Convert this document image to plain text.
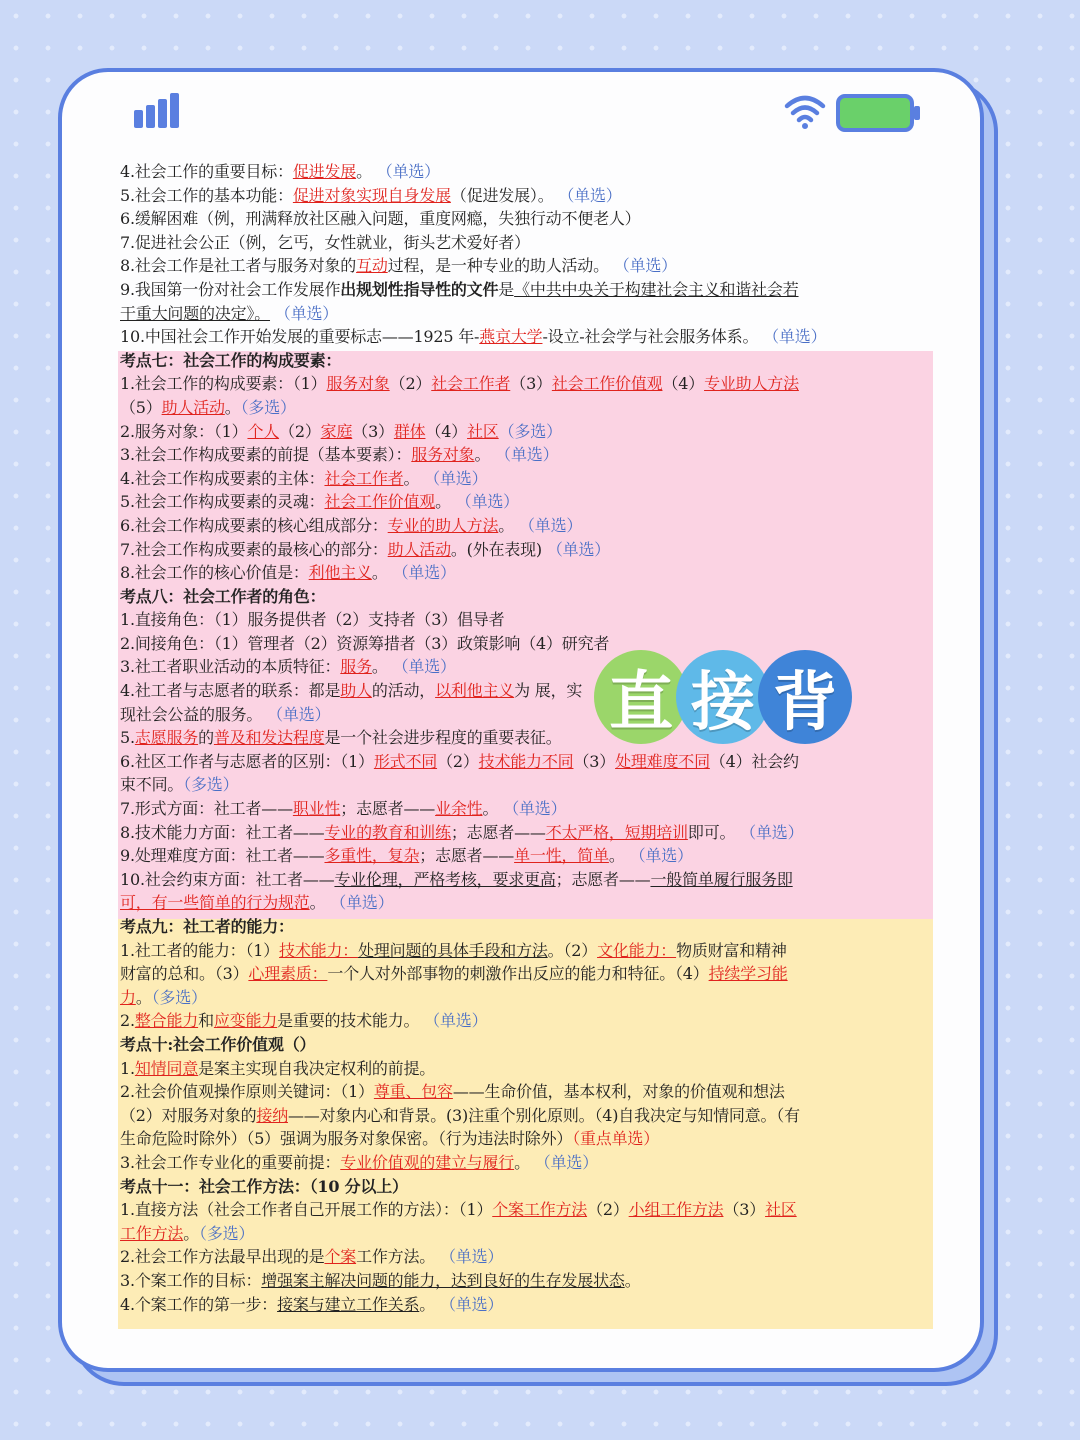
4.社会工作的重要目标：促进发展。 （单选）
5.社会工作的基本功能：促进对象实现自身发展（促进发展）。 （单选）
6.缓解困难（例，刑满释放社区融入问题，重度网瘾，失独行动不便老人）
7.促进社会公正（例，乞丐，女性就业，街头艺术爱好者）
8.社会工作是社工者与服务对象的互动过程，是一种专业的助人活动。 （单选）
9.我国第一份对社会工作发展作出规划性指导性的文件是《中共中央关于构建社会主义和谐社会若
干重大问题的决定》。 （单选）
10.中国社会工作开始发展的重要标志——1925 年-燕京大学-设立-社会学与社会服务体系。 （单选）
考点七：社会工作的构成要素：
1.社会工作的构成要素：（1）服务对象（2）社会工作者（3）社会工作价值观（4）专业助人方法
（5）助人活动。（多选）
2.服务对象：（1）个人（2）家庭（3）群体（4）社区（多选）
3.社会工作构成要素的前提（基本要素）：服务对象。 （单选）
4.社会工作构成要素的主体：社会工作者。 （单选）
5.社会工作构成要素的灵魂：社会工作价值观。 （单选）
6.社会工作构成要素的核心组成部分：专业的助人方法。 （单选）
7.社会工作构成要素的最核心的部分：助人活动。(外在表现) （单选）
8.社会工作的核心价值是：利他主义。 （单选）
考点八：社会工作者的角色：
1.直接角色：（1）服务提供者（2）支持者（3）倡导者
2.间接角色：（1）管理者（2）资源筹措者（3）政策影响（4）研究者
3.社工者职业活动的本质特征：服务。 （单选）
4.社工者与志愿者的联系：都是助人的活动，以利他主义为 展，实
现社会公益的服务。 （单选）
5.志愿服务的普及和发达程度是一个社会进步程度的重要表征。
6.社区工作者与志愿者的区别：（1）形式不同（2）技术能力不同（3）处理难度不同（4）社会约
束不同。（多选）
7.形式方面：社工者——职业性；志愿者——业余性。 （单选）
8.技术能力方面：社工者——专业的教育和训练；志愿者——不太严格，短期培训即可。 （单选）
9.处理难度方面：社工者——多重性，复杂；志愿者——单一性，简单。 （单选）
10.社会约束方面：社工者——专业伦理，严格考核，要求更高；志愿者——一般简单履行服务即
可，有一些简单的行为规范。 （单选）
考点九：社工者的能力：
1.社工者的能力：（1）技术能力：处理问题的具体手段和方法。（2）文化能力：物质财富和精神
财富的总和。（3）心理素质：一个人对外部事物的刺激作出反应的能力和特征。（4）持续学习能
力。（多选）
2.整合能力和应变能力是重要的技术能力。 （单选）
考点十:社会工作价值观（）
1.知情同意是案主实现自我决定权利的前提。
2.社会价值观操作原则关键词：（1）尊重、包容——生命价值，基本权利，对象的价值观和想法
（2）对服务对象的接纳——对象内心和背景。(3)注重个别化原则。（4)自我决定与知情同意。（有
生命危险时除外）（5）强调为服务对象保密。（行为违法时除外）（重点单选）
3.社会工作专业化的重要前提：专业价值观的建立与履行。 （单选）
考点十一：社会工作方法：（10 分以上）
1.直接方法（社会工作者自己开展工作的方法）：（1）个案工作方法（2）小组工作方法（3）社区
工作方法。（多选）
2.社会工作方法最早出现的是个案工作方法。 （单选）
3.个案工作的目标：增强案主解决问题的能力，达到良好的生存发展状态。
4.个案工作的第一步：接案与建立工作关系。 （单选）
直 接 背
